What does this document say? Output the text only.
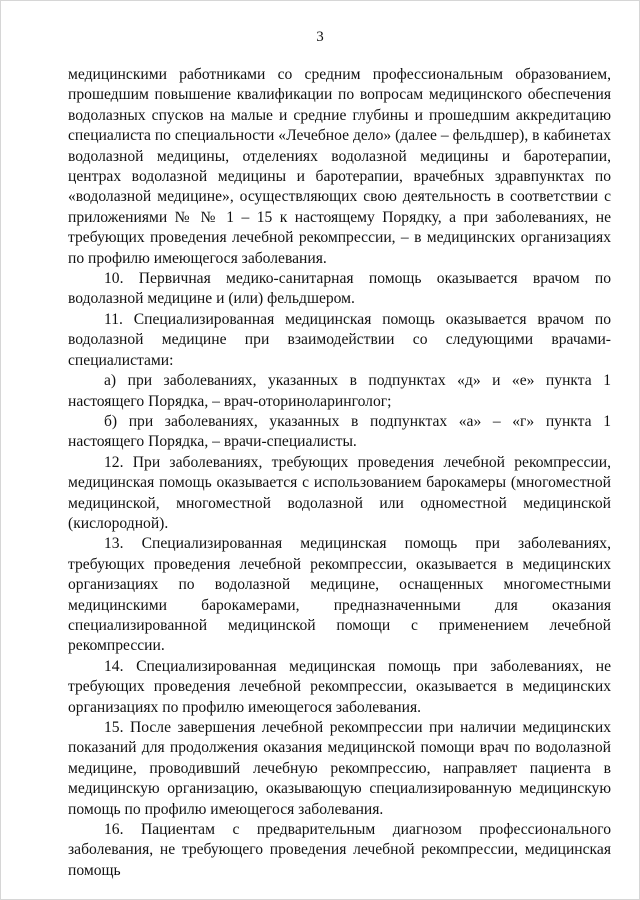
3

медицинскими работниками со средним профессиональным образованием, прошедшим повышение квалификации по вопросам медицинского обеспечения водолазных спусков на малые и средние глубины и прошедшим аккредитацию специалиста по специальности «Лечебное дело» (далее – фельдшер), в кабинетах водолазной медицины, отделениях водолазной медицины и баротерапии, центрах водолазной медицины и баротерапии, врачебных здравпунктах по «водолазной медицине», осуществляющих свою деятельность в соответствии с приложениями № № 1 – 15 к настоящему Порядку, а при заболеваниях, не требующих проведения лечебной рекомпрессии, – в медицинских организациях по профилю имеющегося заболевания.

10. Первичная медико-санитарная помощь оказывается врачом по водолазной медицине и (или) фельдшером.

11. Специализированная медицинская помощь оказывается врачом по водолазной медицине при взаимодействии со следующими врачами-специалистами:

а) при заболеваниях, указанных в подпунктах «д» и «е» пункта 1 настоящего Порядка, – врач-оториноларинголог;

б) при заболеваниях, указанных в подпунктах «а» – «г» пункта 1 настоящего Порядка, – врачи-специалисты.

12. При заболеваниях, требующих проведения лечебной рекомпрессии, медицинская помощь оказывается с использованием барокамеры (многоместной медицинской, многоместной водолазной или одноместной медицинской (кислородной).

13. Специализированная медицинская помощь при заболеваниях, требующих проведения лечебной рекомпрессии, оказывается в медицинских организациях по водолазной медицине, оснащенных многоместными медицинскими барокамерами, предназначенными для оказания специализированной медицинской помощи с применением лечебной рекомпрессии.

14. Специализированная медицинская помощь при заболеваниях, не требующих проведения лечебной рекомпрессии, оказывается в медицинских организациях по профилю имеющегося заболевания.

15. После завершения лечебной рекомпрессии при наличии медицинских показаний для продолжения оказания медицинской помощи врач по водолазной медицине, проводивший лечебную рекомпрессию, направляет пациента в медицинскую организацию, оказывающую специализированную медицинскую помощь по профилю имеющегося заболевания.

16. Пациентам с предварительным диагнозом профессионального заболевания, не требующего проведения лечебной рекомпрессии, медицинская помощь
